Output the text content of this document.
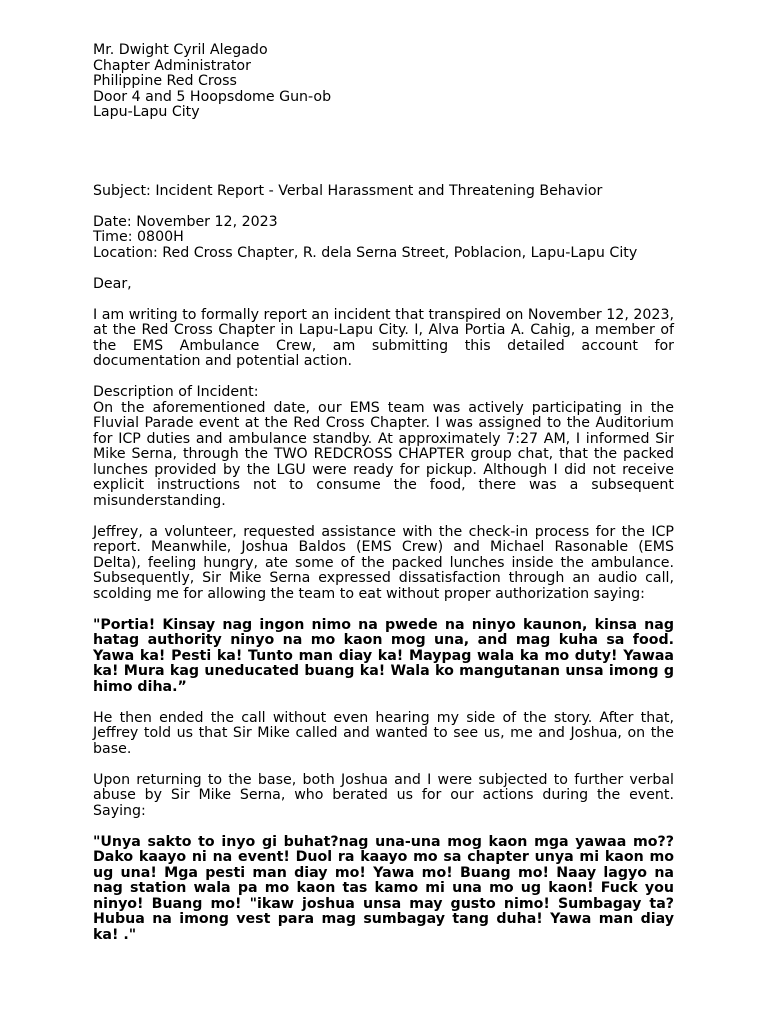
Mr. Dwight Cyril Alegado
Chapter Administrator
Philippine Red Cross
Door 4 and 5 Hoopsdome Gun-ob
Lapu-Lapu City
Subject: Incident Report - Verbal Harassment and Threatening Behavior
Date: November 12, 2023
Time: 0800H
Location: Red Cross Chapter, R. dela Serna Street, Poblacion, Lapu-Lapu City
Dear,

I am writing to formally report an incident that transpired on November 12, 2023, at the Red Cross Chapter in Lapu-Lapu City. I, Alva Portia A. Cahig, a member of the EMS Ambulance Crew, am submitting this detailed account for documentation and potential action.

Description of Incident:

On the aforementioned date, our EMS team was actively participating in the Fluvial Parade event at the Red Cross Chapter. I was assigned to the Auditorium for ICP duties and ambulance standby. At approximately 7:27 AM, I informed Sir Mike Serna, through the TWO REDCROSS CHAPTER group chat, that the packed lunches provided by the LGU were ready for pickup. Although I did not receive explicit instructions not to consume the food, there was a subsequent misunderstanding.

Jeffrey, a volunteer, requested assistance with the check-in process for the ICP report. Meanwhile, Joshua Baldos (EMS Crew) and Michael Rasonable (EMS Delta), feeling hungry, ate some of the packed lunches inside the ambulance. Subsequently, Sir Mike Serna expressed dissatisfaction through an audio call, scolding me for allowing the team to eat without proper authorization saying:

"Portia! Kinsay nag ingon nimo na pwede na ninyo kaunon, kinsa nag hatag authority ninyo na mo kaon mog una, and mag kuha sa food. Yawa ka! Pesti ka! Tunto man diay ka! Maypag wala ka mo duty! Yawaa ka! Mura kag uneducated buang ka! Wala ko mangutanan unsa imong g himo diha.”

He then ended the call without even hearing my side of the story. After that, Jeffrey told us that Sir Mike called and wanted to see us, me and Joshua, on the base.

Upon returning to the base, both Joshua and I were subjected to further verbal abuse by Sir Mike Serna, who berated us for our actions during the event. Saying:

"Unya sakto to inyo gi buhat?nag una-una mog kaon mga yawaa mo?? Dako kaayo ni na event! Duol ra kaayo mo sa chapter unya mi kaon mo ug una! Mga pesti man diay mo! Yawa mo! Buang mo! Naay lagyo na nag station wala pa mo kaon tas kamo mi una mo ug kaon! Fuck you ninyo! Buang mo! "ikaw joshua unsa may gusto nimo! Sumbagay ta? Hubua na imong vest para mag sumbagay tang duha! Yawa man diay ka! ."
